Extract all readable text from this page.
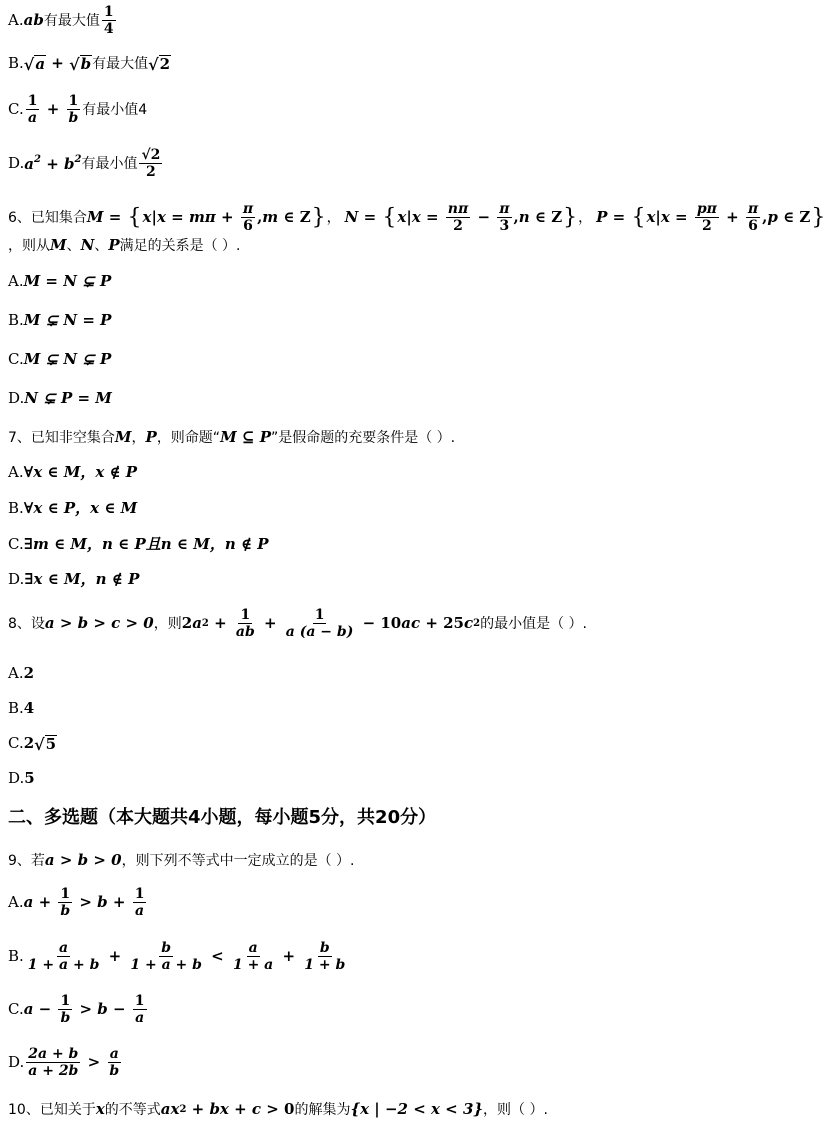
A. ab 有最大值 $\frac{1}{4}$
B. √ a + √ b 有最大值 √ 2
C. $\frac{1}{a} + \frac{1}{b}$ 有最小值4
D. $a^2 + b^2$ 有最小值 $\frac{√2}{2}$
6、已知集合 M = { x | $x = m\pi + \frac{\pi}{6}$ , m ∈ Z } ， N = { x | $x = \frac{n\pi}{2} - \frac{\pi}{3}$ , n ∈ Z } ， P = { x | $x = \frac{p\pi}{2} + \frac{\pi}{6}$ , p ∈ Z }
，则从 M 、 N 、 P 满足的关系是（ ）.
A. M = N ⊊ P
B. M ⊊ N = P
C. M ⊊ N ⊊ P
D. N ⊊ P = M
7、已知非空集合 M ， P ，则命题“ M ⊆ P ”是假命题的充要条件是（ ）.
A. ∀x ∈ M，x ∉ P
B. ∀x ∈ P，x ∈ M
C. ∃m ∈ M，n ∈ P且n ∈ M，n ∉ P
D. ∃x ∈ M，n ∉ P
8、设 a > b > c > 0 ，则 2 a $2 + \frac{1}{ab} + \frac{1}{a (a - b)} - 10$ ac + 25 c 2 的最小值是（ ）.
A. 2
B. 4
C. 2 √ 5
D. 5
二、多选题（本大题共4小题，每小题5分，共20分）
9、若 a > b > 0 ，则下列不等式中一定成立的是（ ）.
A. $a + \frac{1}{b} > b + \frac{1}{a}$
B. $\frac{a}{1 + a + b} + \frac{b}{1 + a + b} < \frac{a}{1 + a} + \frac{b}{1 + b}$
C. $a - \frac{1}{b} > b - \frac{1}{a}$
D. $\frac{2a + b}{a + 2b} > \frac{a}{b}$
10、已知关于 x 的不等式 ax 2 + bx + c > 0 的解集为 {x | −2 < x < 3} ，则（ ）.
